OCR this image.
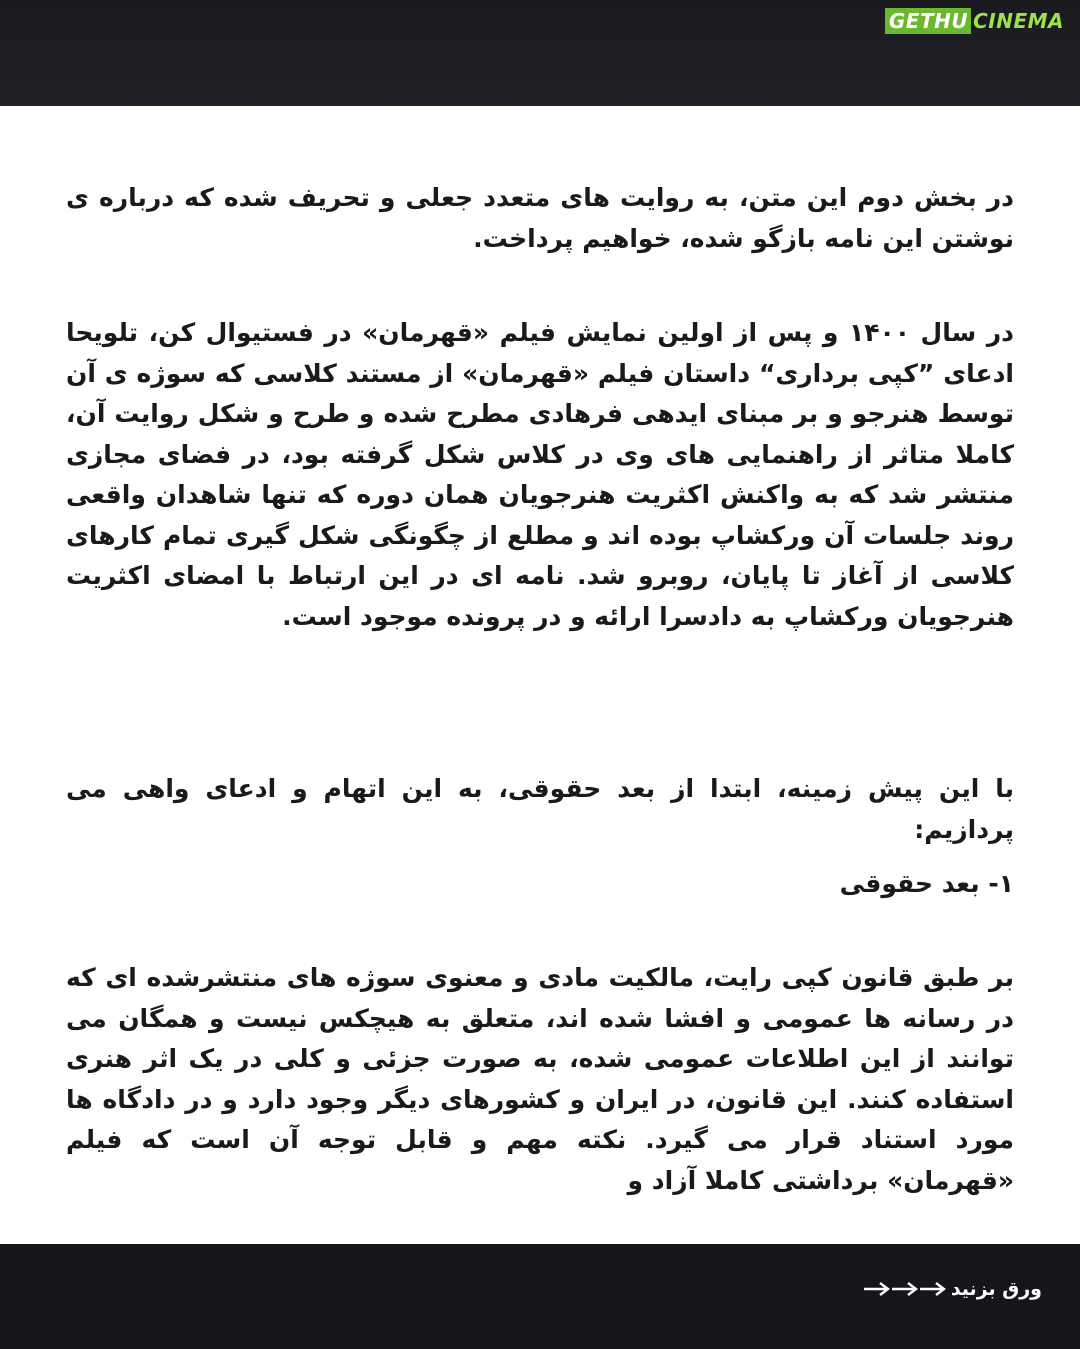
GETHU CINEMA

در بخش دوم این متن، به روایت های متعدد جعلی و تحریف شده که درباره ی نوشتن این نامه بازگو شده، خواهیم پرداخت.

در سال ۱۴۰۰ و پس از اولین نمایش فیلم «قهرمان» در فستیوال کن، تلویحا ادعای ”کپی برداری“ داستان فیلم «قهرمان» از مستند کلاسی که سوژه ی آن توسط هنرجو و بر مبنای ایدهی فرهادی مطرح شده و طرح و شکل روایت آن، کاملا متاثر از راهنمایی های وی در کلاس شکل گرفته بود، در فضای مجازی منتشر شد که به واکنش اکثریت هنرجویان همان دوره که تنها شاهدان واقعی روند جلسات آن ورکشاپ بوده اند و مطلع از چگونگی شکل گیری تمام کارهای کلاسی از آغاز تا پایان، روبرو شد. نامه ای در این ارتباط با امضای اکثریت هنرجویان ورکشاپ به دادسرا ارائه و در پرونده موجود است.

با این پیش زمینه، ابتدا از بعد حقوقی، به این اتهام و ادعای واهی می پردازیم:

۱- بعد حقوقی

بر طبق قانون کپی رایت، مالکیت مادی و معنوی سوژه های منتشرشده ای که در رسانه ها عمومی و افشا شده اند، متعلق به هیچکس نیست و همگان می توانند از این اطلاعات عمومی شده، به صورت جزئی و کلی در یک اثر هنری استفاده کنند. این قانون، در ایران و کشورهای دیگر وجود دارد و در دادگاه ها مورد استناد قرار می گیرد. نکته مهم و قابل توجه آن است که فیلم «قهرمان» برداشتی کاملا آزاد و

ورق بزنید
